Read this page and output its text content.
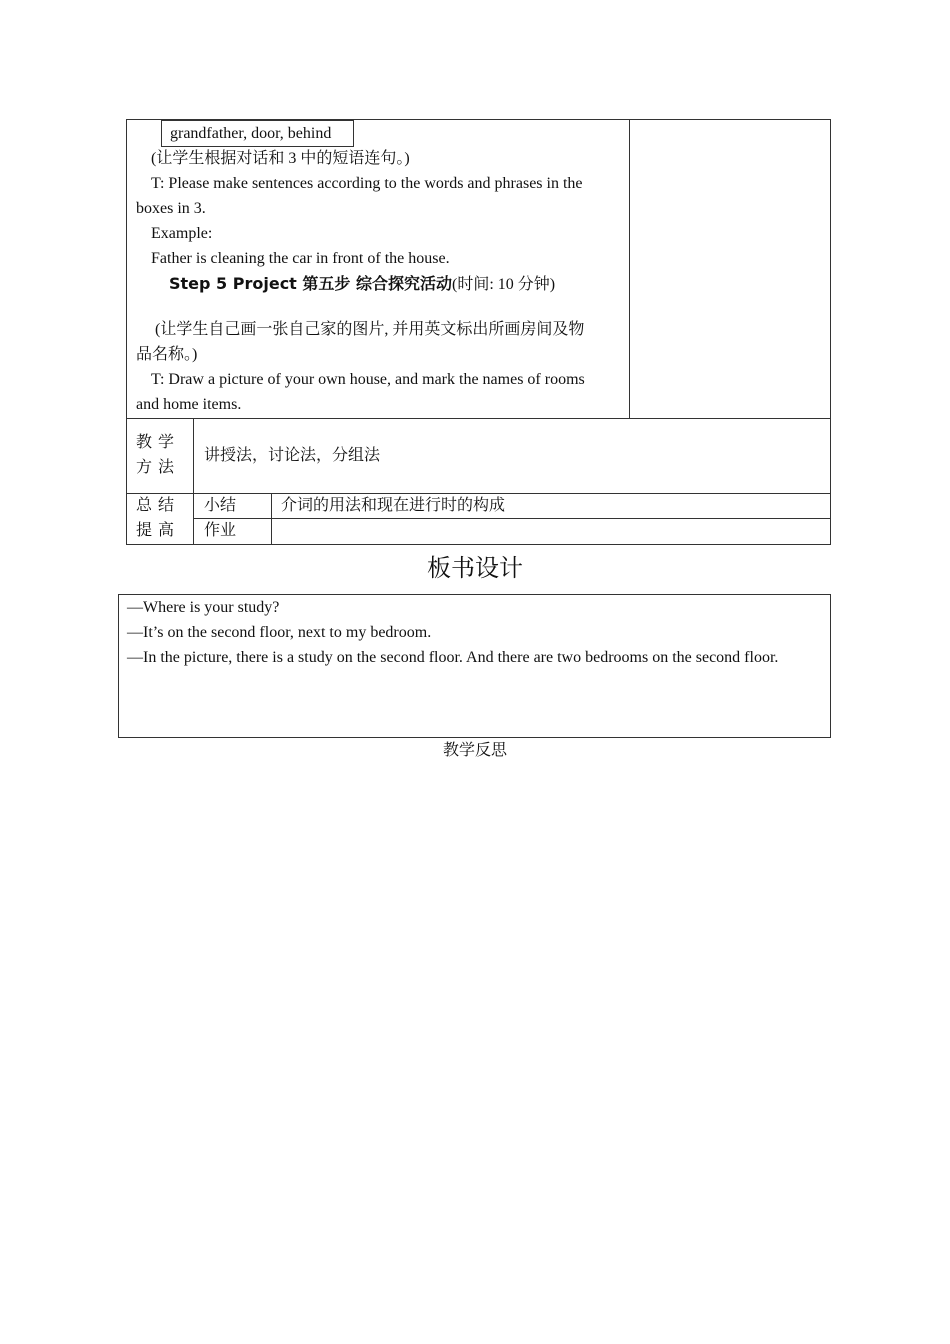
grandfather, door, behind
(让学生根据对话和 3 中的短语连句。)
T: Please make sentences according to the words and phrases in the
boxes in 3.
Example:
Father is cleaning the car in front of the house.
Step 5 Project 第五步 综合探究活动(时间: 10 分钟)
(让学生自己画一张自己家的图片, 并用英文标出所画房间及物
品名称。)
T: Draw a picture of your own house, and mark the names of rooms
and home items.
教 学
方 法
讲授法，讨论法，分组法
总 结
提 高
小结	介词的用法和现在进行时的构成
作业
板书设计
—Where is your study?
—It’s on the second floor, next to my bedroom.
—In the picture, there is a study on the second floor. And there are two bedrooms on the second floor.
教学反思
